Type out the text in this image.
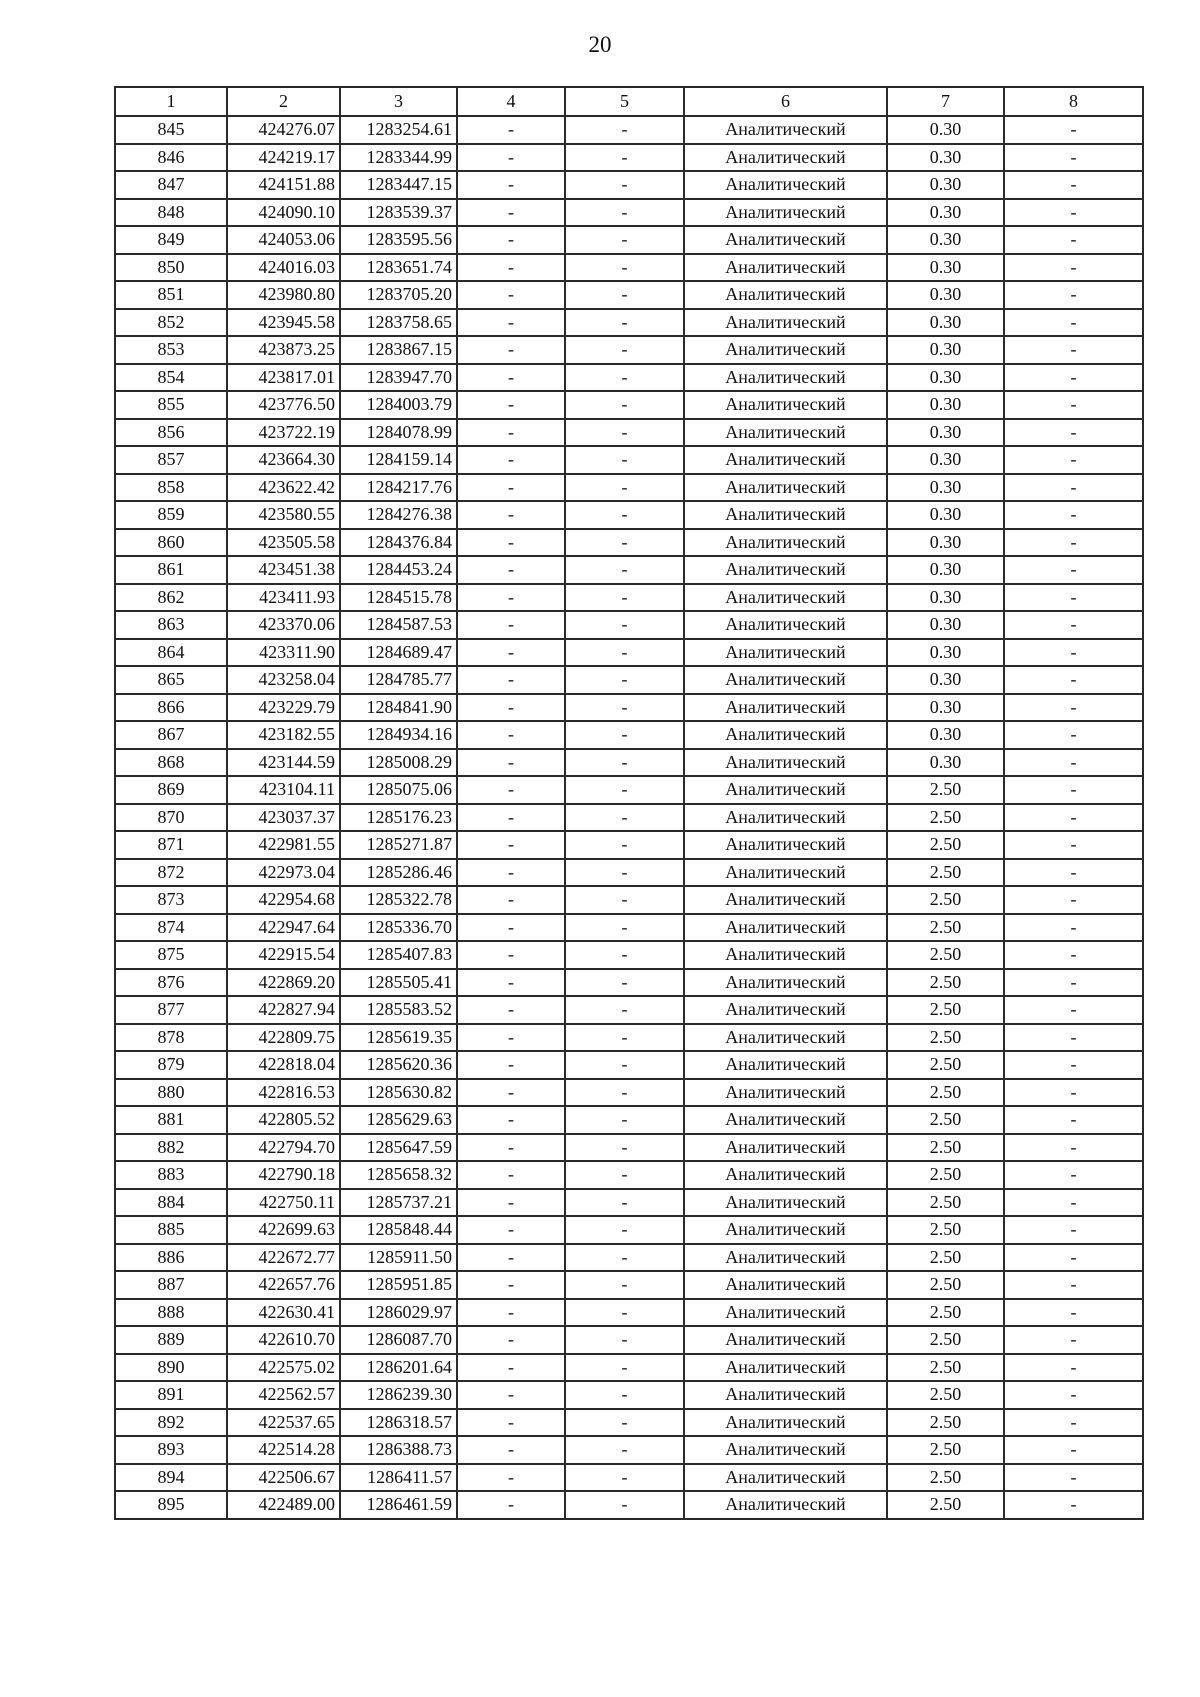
20
1	2	3	4	5	6	7	8
845	424276.07	1283254.61	-	-	Аналитический	0.30	-
846	424219.17	1283344.99	-	-	Аналитический	0.30	-
847	424151.88	1283447.15	-	-	Аналитический	0.30	-
848	424090.10	1283539.37	-	-	Аналитический	0.30	-
849	424053.06	1283595.56	-	-	Аналитический	0.30	-
850	424016.03	1283651.74	-	-	Аналитический	0.30	-
851	423980.80	1283705.20	-	-	Аналитический	0.30	-
852	423945.58	1283758.65	-	-	Аналитический	0.30	-
853	423873.25	1283867.15	-	-	Аналитический	0.30	-
854	423817.01	1283947.70	-	-	Аналитический	0.30	-
855	423776.50	1284003.79	-	-	Аналитический	0.30	-
856	423722.19	1284078.99	-	-	Аналитический	0.30	-
857	423664.30	1284159.14	-	-	Аналитический	0.30	-
858	423622.42	1284217.76	-	-	Аналитический	0.30	-
859	423580.55	1284276.38	-	-	Аналитический	0.30	-
860	423505.58	1284376.84	-	-	Аналитический	0.30	-
861	423451.38	1284453.24	-	-	Аналитический	0.30	-
862	423411.93	1284515.78	-	-	Аналитический	0.30	-
863	423370.06	1284587.53	-	-	Аналитический	0.30	-
864	423311.90	1284689.47	-	-	Аналитический	0.30	-
865	423258.04	1284785.77	-	-	Аналитический	0.30	-
866	423229.79	1284841.90	-	-	Аналитический	0.30	-
867	423182.55	1284934.16	-	-	Аналитический	0.30	-
868	423144.59	1285008.29	-	-	Аналитический	0.30	-
869	423104.11	1285075.06	-	-	Аналитический	2.50	-
870	423037.37	1285176.23	-	-	Аналитический	2.50	-
871	422981.55	1285271.87	-	-	Аналитический	2.50	-
872	422973.04	1285286.46	-	-	Аналитический	2.50	-
873	422954.68	1285322.78	-	-	Аналитический	2.50	-
874	422947.64	1285336.70	-	-	Аналитический	2.50	-
875	422915.54	1285407.83	-	-	Аналитический	2.50	-
876	422869.20	1285505.41	-	-	Аналитический	2.50	-
877	422827.94	1285583.52	-	-	Аналитический	2.50	-
878	422809.75	1285619.35	-	-	Аналитический	2.50	-
879	422818.04	1285620.36	-	-	Аналитический	2.50	-
880	422816.53	1285630.82	-	-	Аналитический	2.50	-
881	422805.52	1285629.63	-	-	Аналитический	2.50	-
882	422794.70	1285647.59	-	-	Аналитический	2.50	-
883	422790.18	1285658.32	-	-	Аналитический	2.50	-
884	422750.11	1285737.21	-	-	Аналитический	2.50	-
885	422699.63	1285848.44	-	-	Аналитический	2.50	-
886	422672.77	1285911.50	-	-	Аналитический	2.50	-
887	422657.76	1285951.85	-	-	Аналитический	2.50	-
888	422630.41	1286029.97	-	-	Аналитический	2.50	-
889	422610.70	1286087.70	-	-	Аналитический	2.50	-
890	422575.02	1286201.64	-	-	Аналитический	2.50	-
891	422562.57	1286239.30	-	-	Аналитический	2.50	-
892	422537.65	1286318.57	-	-	Аналитический	2.50	-
893	422514.28	1286388.73	-	-	Аналитический	2.50	-
894	422506.67	1286411.57	-	-	Аналитический	2.50	-
895	422489.00	1286461.59	-	-	Аналитический	2.50	-
